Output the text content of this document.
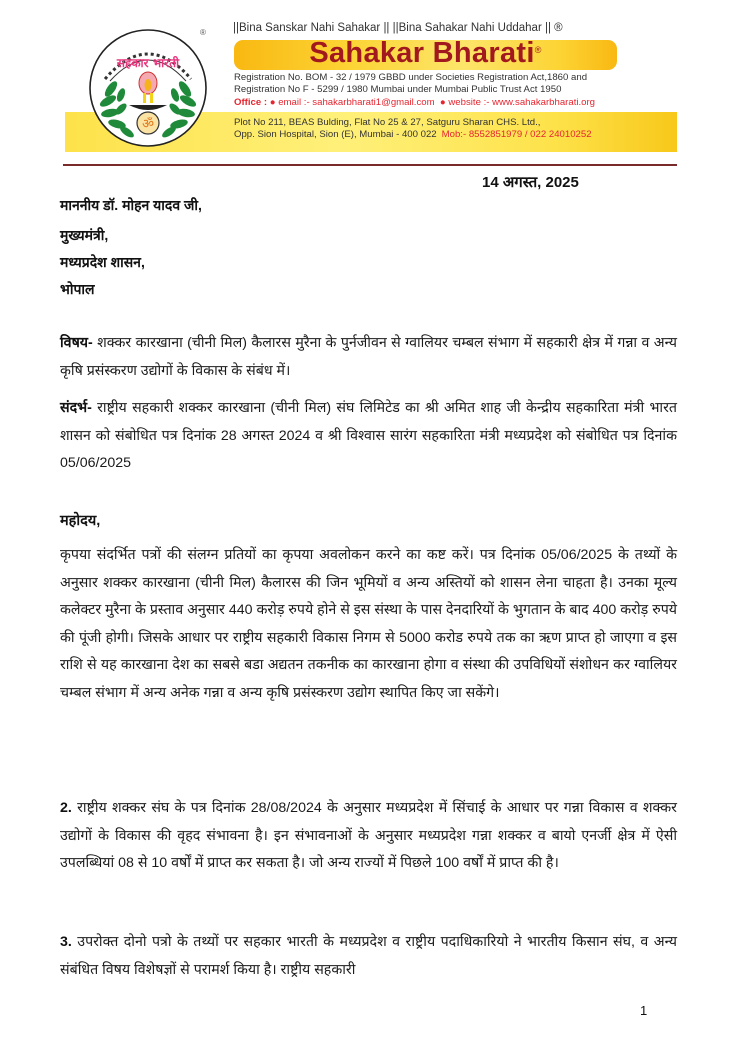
सहकार भारती
ॐ
® ||Bina Sanskar Nahi Sahakar || ||Bina Sahakar Nahi Uddahar || ®
Sahakar Bharati®
Registration No. BOM - 32 / 1979 GBBD under Societies Registration Act,1860 and
Registration No F - 5299 / 1980 Mumbai under Mumbai Public Trust Act 1950
Office : ● email :- sahakarbharati1@gmail.com ● website :- www.sahakarbharati.org
Plot No 211, BEAS Bulding, Flat No 25 & 27, Satguru Sharan CHS. Ltd.,
Opp. Sion Hospital, Sion (E), Mumbai - 400 022 Mob:- 8552851979 / 022 24010252
14 अगस्त, 2025
माननीय डॉ. मोहन यादव जी,
मुख्यमंत्री,
मध्यप्रदेश शासन,
भोपाल
विषय- शक्कर कारखाना (चीनी मिल) कैलारस मुरैना के पुर्नजीवन से ग्वालियर चम्बल संभाग में सहकारी क्षेत्र में गन्ना व अन्य कृषि प्रसंस्करण उद्योगों के विकास के संबंध में।
संदर्भ- राष्ट्रीय सहकारी शक्कर कारखाना (चीनी मिल) संघ लिमिटेड का श्री अमित शाह जी केन्द्रीय सहकारिता मंत्री भारत शासन को संबोधित पत्र दिनांक 28 अगस्त 2024 व श्री विश्वास सारंग सहकारिता मंत्री मध्यप्रदेश को संबोधित पत्र दिनांक 05/06/2025
महोदय,
कृपया संदर्भित पत्रों की संलग्न प्रतियों का कृपया अवलोकन करने का कष्ट करें। पत्र दिनांक 05/06/2025 के तथ्यों के अनुसार शक्कर कारखाना (चीनी मिल) कैलारस की जिन भूमियों व अन्य अस्तियों को शासन लेना चाहता है। उनका मूल्य कलेक्टर मुरैना के प्रस्ताव अनुसार 440 करोड़ रुपये होने से इस संस्था के पास देनदारियों के भुगतान के बाद 400 करोड़ रुपये की पूंजी होगी। जिसके आधार पर राष्ट्रीय सहकारी विकास निगम से 5000 करोड रुपये तक का ऋण प्राप्त हो जाएगा व इस राशि से यह कारखाना देश का सबसे बडा अद्यतन तकनीक का कारखाना होगा व संस्था की उपविधियों संशोधन कर ग्वालियर चम्बल संभाग में अन्य अनेक गन्ना व अन्य कृषि प्रसंस्करण उद्योग स्थापित किए जा सकेंगे।
2. राष्ट्रीय शक्कर संघ के पत्र दिनांक 28/08/2024 के अनुसार मध्यप्रदेश में सिंचाई के आधार पर गन्ना विकास व शक्कर उद्योगों के विकास की वृहद संभावना है। इन संभावनाओं के अनुसार मध्यप्रदेश गन्ना शक्कर व बायो एनर्जी क्षेत्र में ऐसी उपलब्धियां 08 से 10 वर्षों में प्राप्त कर सकता है। जो अन्य राज्यों में पिछले 100 वर्षों में प्राप्त की है।
3. उपरोक्त दोनो पत्रो के तथ्यों पर सहकार भारती के मध्यप्रदेश व राष्ट्रीय पदाधिकारियो ने भारतीय किसान संघ, व अन्य संबंधित विषय विशेषज्ञों से परामर्श किया है। राष्ट्रीय सहकारी
1
